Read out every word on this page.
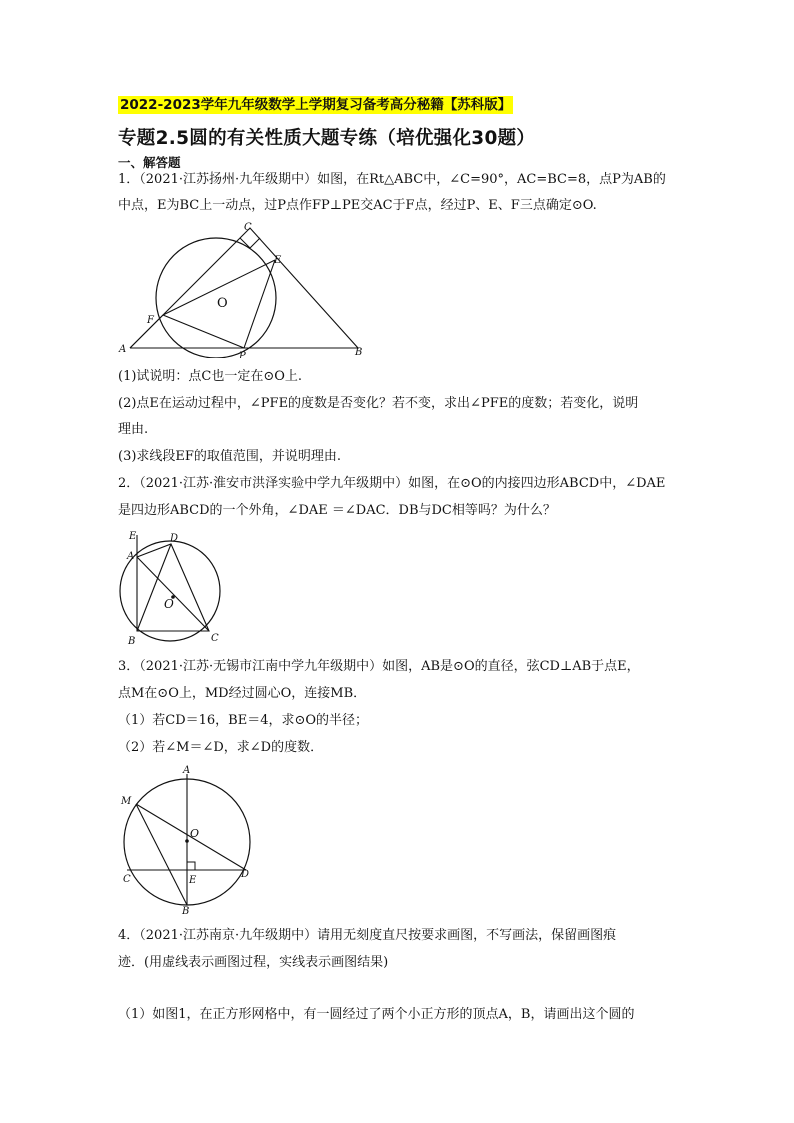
2022-2023学年九年级数学上学期复习备考高分秘籍【苏科版】
专题2.5圆的有关性质大题专练（培优强化30题）
一、解答题
1．（2021·江苏扬州·九年级期中）如图，在Rt△ABC中，∠C=90°，AC=BC=8，点P为AB的
中点，E为BC上一动点，过P点作FP⊥PE交AC于F点，经过P、E、F三点确定⊙O.
C
E
O
F
A
P	B
(1)试说明：点C也一定在⊙O上.
(2)点E在运动过程中，∠PFE的度数是否变化？若不变，求出∠PFE的度数；若变化，说明
理由.
(3)求线段EF的取值范围，并说明理由.
2．（2021·江苏·淮安市洪泽实验中学九年级期中）如图，在⊙O的内接四边形ABCD中，∠DAE
是四边形ABCD的一个外角，∠DAE ＝∠DAC．DB与DC相等吗？为什么？
E
A
D
O
B	C
3．（2021·江苏·无锡市江南中学九年级期中）如图，AB是⊙O的直径，弦CD⊥AB于点E，
点M在⊙O上，MD经过圆心O，连接MB．
（1）若CD＝16，BE＝4，求⊙O的半径；
（2）若∠M＝∠D，求∠D的度数．
A
M
O
C	E
D
B
4．（2021·江苏南京·九年级期中）请用无刻度直尺按要求画图，不写画法，保留画图痕
迹．(用虚线表示画图过程，实线表示画图结果)
（1）如图1，在正方形网格中，有一圆经过了两个小正方形的顶点A，B，请画出这个圆的
